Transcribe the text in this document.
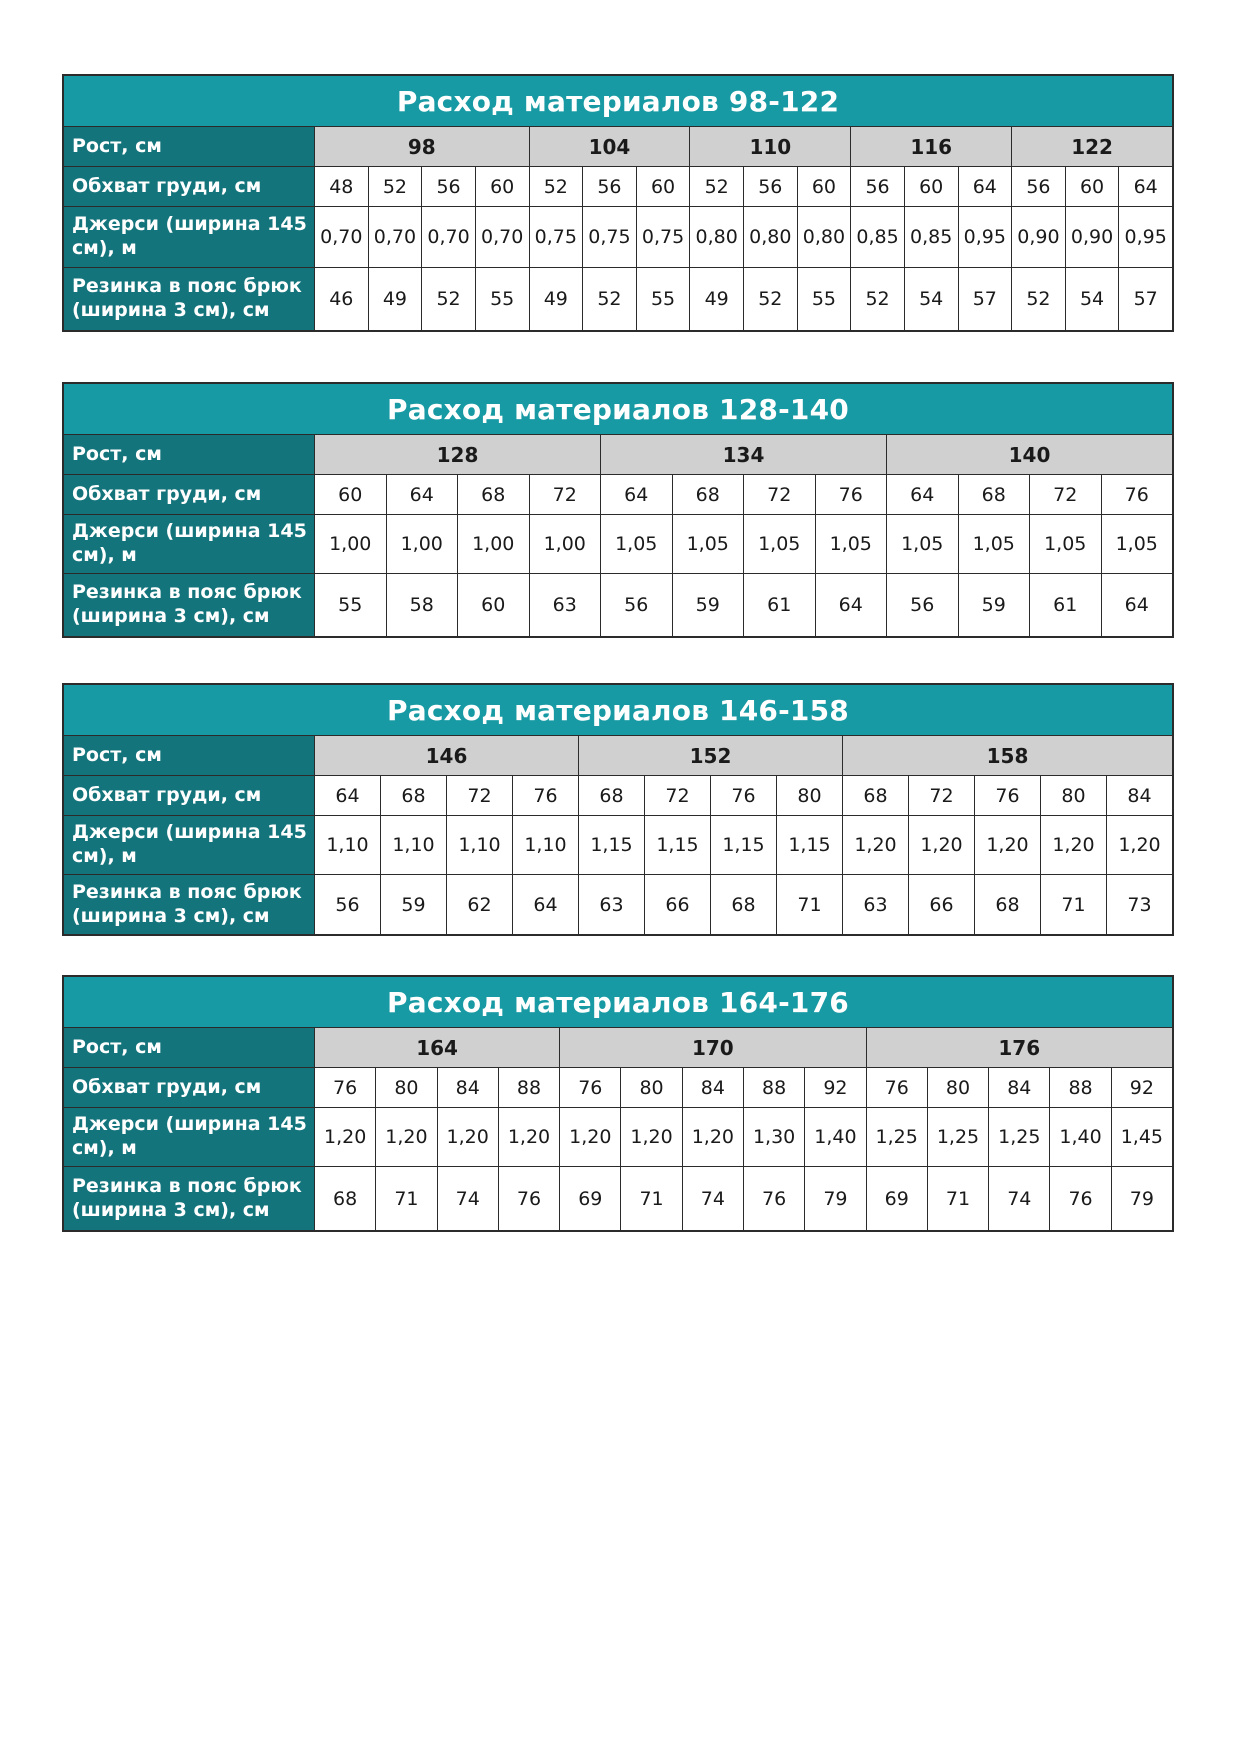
Расход материалов 98-122
Рост, см	98	104	110	116	122
Обхват груди, см	48	52	56	60	52	56	60	52	56	60	56	60	64	56	60	64
Джерси (ширина 145 см), м	0,70 0,70 0,70 0,70 0,75 0,75 0,75 0,80 0,80 0,80 0,85 0,85 0,95 0,90 0,90 0,95
Резинка в пояс брюк (ширина 3 см), см	46	49	52	55	49	52	55	49	52	55	52	54	57	52	54	57
Расход материалов 128-140
Рост, см	128	134	140
Обхват груди, см	60	64	68	72	64	68	72	76	64	68	72	76
Джерси (ширина 145 см), м	1,00	1,00	1,00	1,00	1,05	1,05	1,05	1,05	1,05	1,05	1,05	1,05
Резинка в пояс брюк (ширина 3 см), см	55	58	60	63	56	59	61	64	56	59	61	64
Расход материалов 146-158
Рост, см	146	152	158
Обхват груди, см	64	68	72	76	68	72	76	80	68	72	76	80	84
Джерси (ширина 145 см), м	1,10	1,10	1,10	1,10	1,15	1,15	1,15	1,15	1,20	1,20	1,20	1,20	1,20
Резинка в пояс брюк (ширина 3 см), см	56	59	62	64	63	66	68	71	63	66	68	71	73
Расход материалов 164-176
Рост, см	164	170	176
Обхват груди, см	76	80	84	88	76	80	84	88	92	76	80	84	88	92
Джерси (ширина 145 см), м	1,20 1,20 1,20 1,20 1,20 1,20 1,20 1,30 1,40 1,25 1,25 1,25 1,40 1,45
Резинка в пояс брюк (ширина 3 см), см	68	71	74	76	69	71	74	76	79	69	71	74	76	79
